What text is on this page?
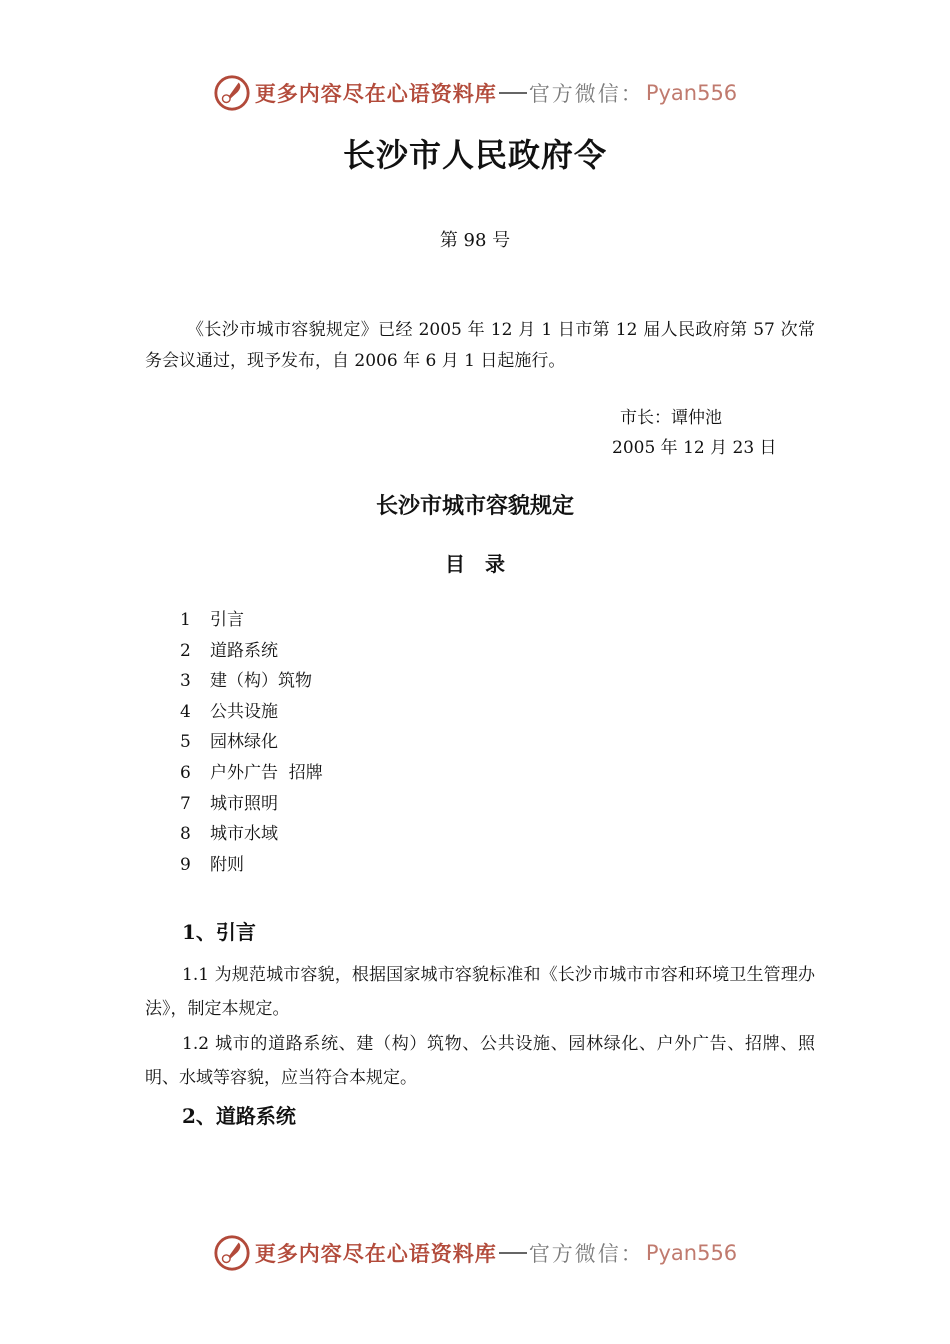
更多内容尽在心语资料库 官方微信： Pyan556
长沙市人民政府令
第 98 号
《长沙市城市容貌规定》已经 2005 年 12 月 1 日市第 12 届人民政府第 57 次常务会议通过，现予发布，自 2006 年 6 月 1 日起施行。
市长：谭仲池
2005 年 12 月 23 日
长沙市城市容貌规定
目　录
1 引言
2 道路系统
3 建（构）筑物
4 公共设施
5 园林绿化
6 户外广告  招牌
7 城市照明
8 城市水域
9 附则
1、引言
1.1 为规范城市容貌，根据国家城市容貌标准和《长沙市城市市容和环境卫生管理办法》，制定本规定。
1.2 城市的道路系统、建（构）筑物、公共设施、园林绿化、户外广告、招牌、照明、水域等容貌，应当符合本规定。
2、道路系统
更多内容尽在心语资料库 官方微信： Pyan556
